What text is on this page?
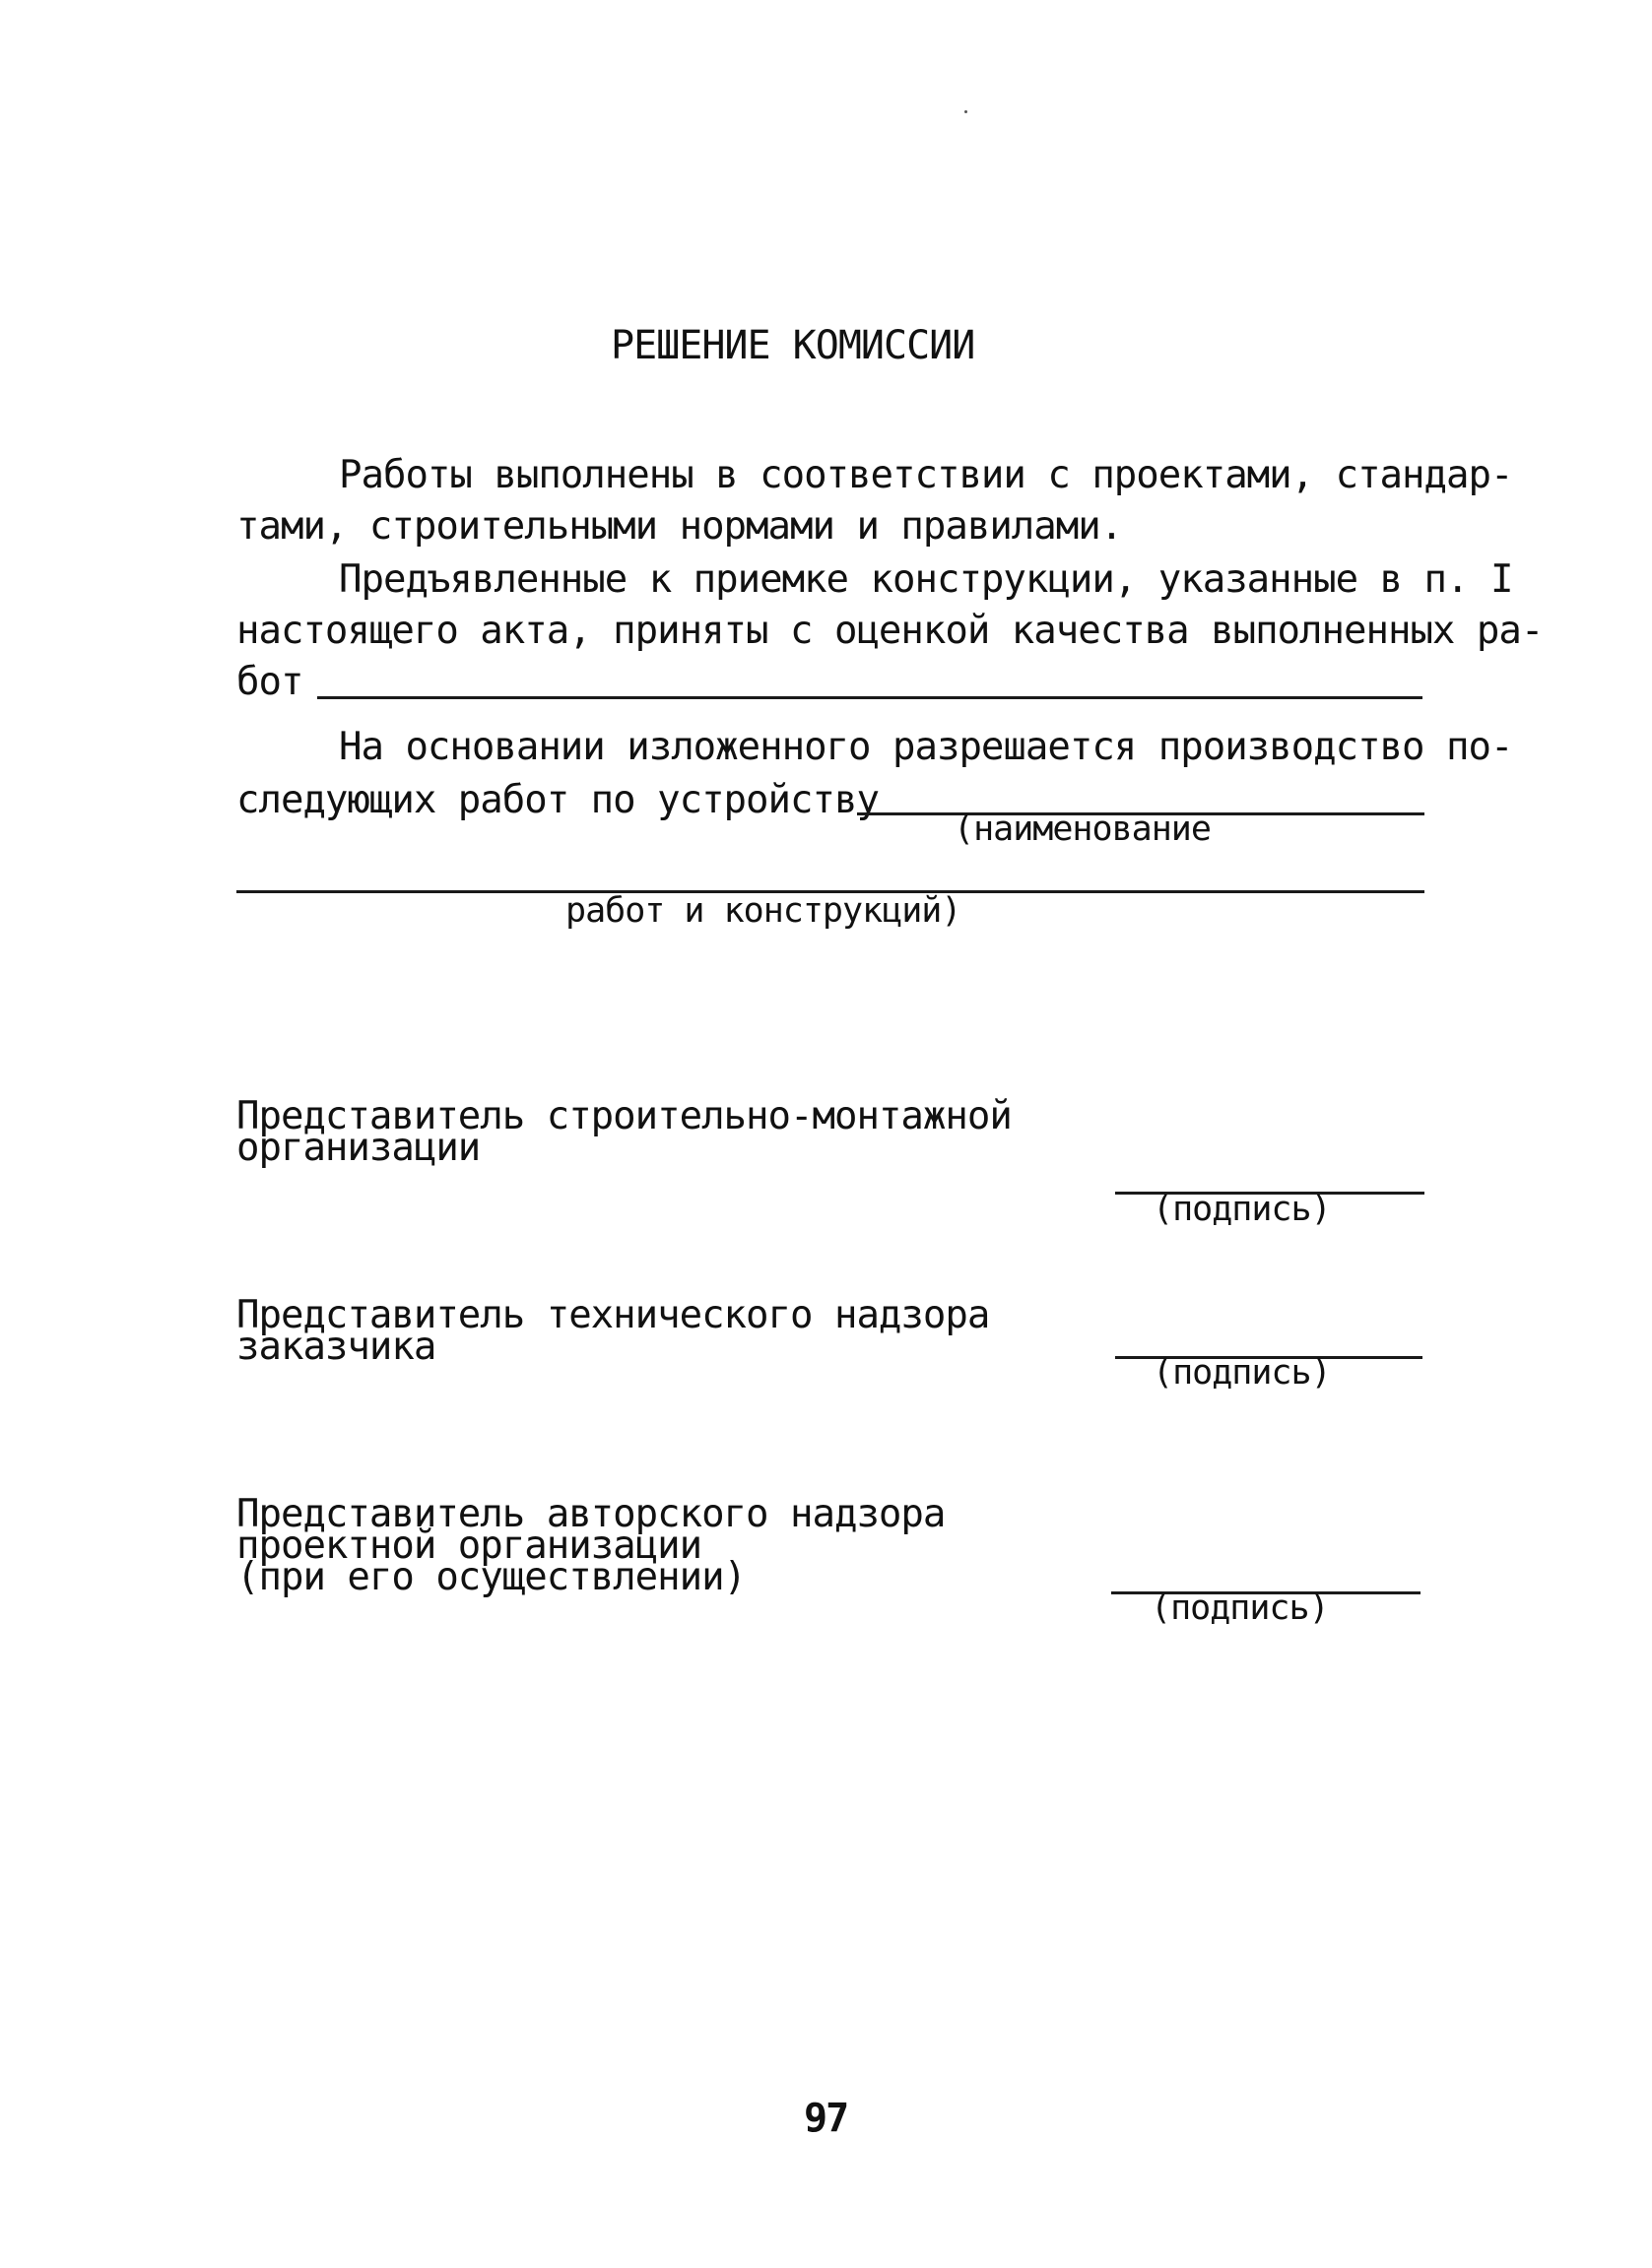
РЕШЕНИЕ КОМИССИИ
Работы выполнены в соответствии с проектами, стандар-
тами, строительными нормами и правилами.
Предъявленные к приемке конструкции, указанные в п. I
настоящего акта, приняты с оценкой качества выполненных ра-
бот
На основании изложенного разрешается производство по-
следующих работ по устройству
(наименование
работ и конструкций)
Представитель строительно-монтажной
организации
(подпись)
Представитель технического надзора
заказчика
(подпись)
Представитель авторского надзора
проектной организации
(при его осуществлении)
(подпись)
97
